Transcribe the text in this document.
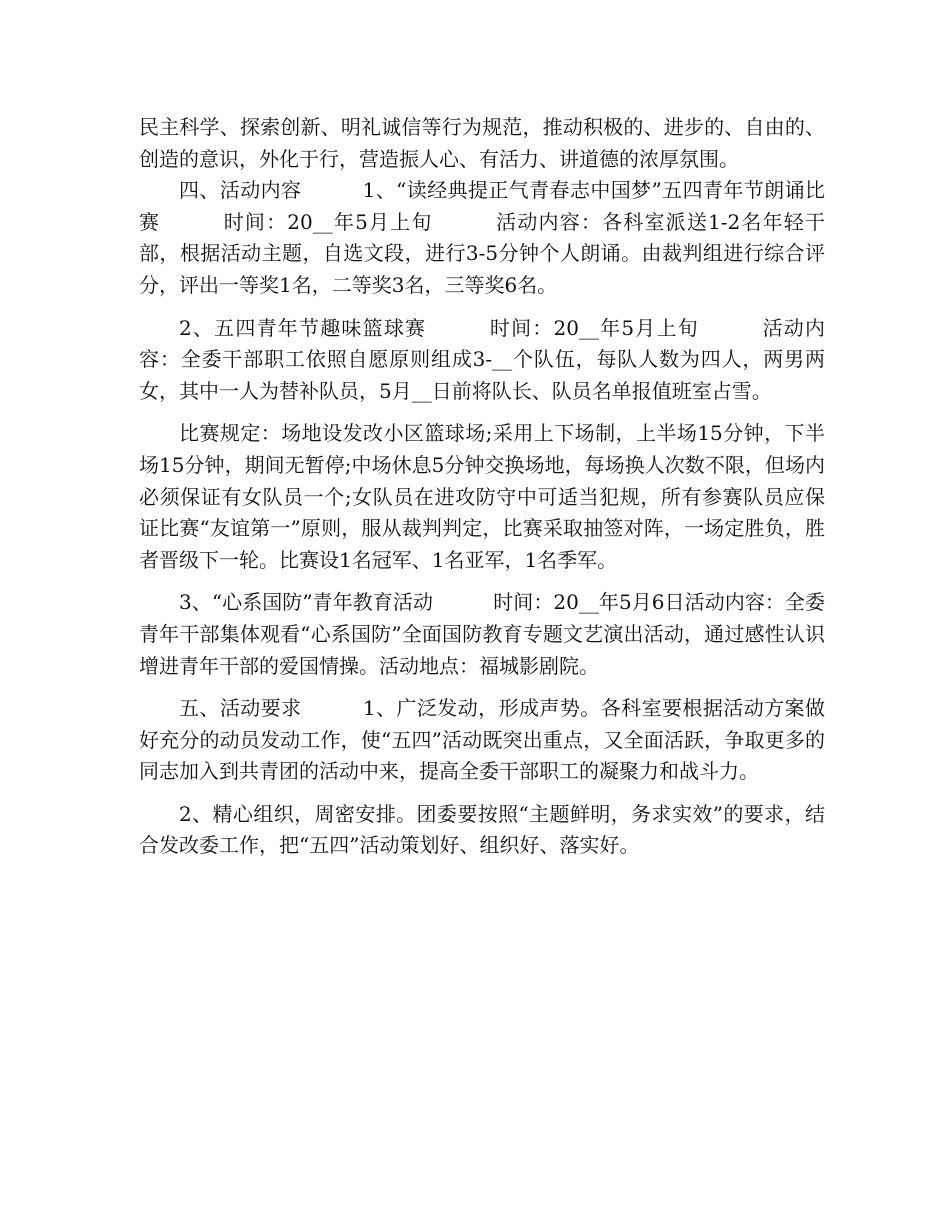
民主科学、探索创新、明礼诚信等行为规范，推动积极的、进步的、自由的、创造的意识，外化于行，营造振人心、有活力、讲道德的浓厚氛围。

四、活动内容　　　1、“读经典提正气青春志中国梦”五四青年节朗诵比赛　　　时间：20__年5月上旬　　　活动内容：各科室派送1-2名年轻干部，根据活动主题，自选文段，进行3-5分钟个人朗诵。由裁判组进行综合评分，评出一等奖1名，二等奖3名，三等奖6名。

2、五四青年节趣味篮球赛　　　时间：20__年5月上旬　　　活动内容：全委干部职工依照自愿原则组成3-__个队伍，每队人数为四人，两男两女，其中一人为替补队员，5月__日前将队长、队员名单报值班室占雪。

比赛规定：场地设发改小区篮球场;采用上下场制，上半场15分钟，下半场15分钟，期间无暂停;中场休息5分钟交换场地，每场换人次数不限，但场内必须保证有女队员一个;女队员在进攻防守中可适当犯规，所有参赛队员应保证比赛“友谊第一”原则，服从裁判判定，比赛采取抽签对阵，一场定胜负，胜者晋级下一轮。比赛设1名冠军、1名亚军，1名季军。

3、“心系国防”青年教育活动　　　时间：20__年5月6日活动内容：全委青年干部集体观看“心系国防”全面国防教育专题文艺演出活动，通过感性认识增进青年干部的爱国情操。活动地点：福城影剧院。

五、活动要求　　　1、广泛发动，形成声势。各科室要根据活动方案做好充分的动员发动工作，使“五四”活动既突出重点，又全面活跃，争取更多的同志加入到共青团的活动中来，提高全委干部职工的凝聚力和战斗力。

2、精心组织，周密安排。团委要按照“主题鲜明，务求实效”的要求，结合发改委工作，把“五四”活动策划好、组织好、落实好。
